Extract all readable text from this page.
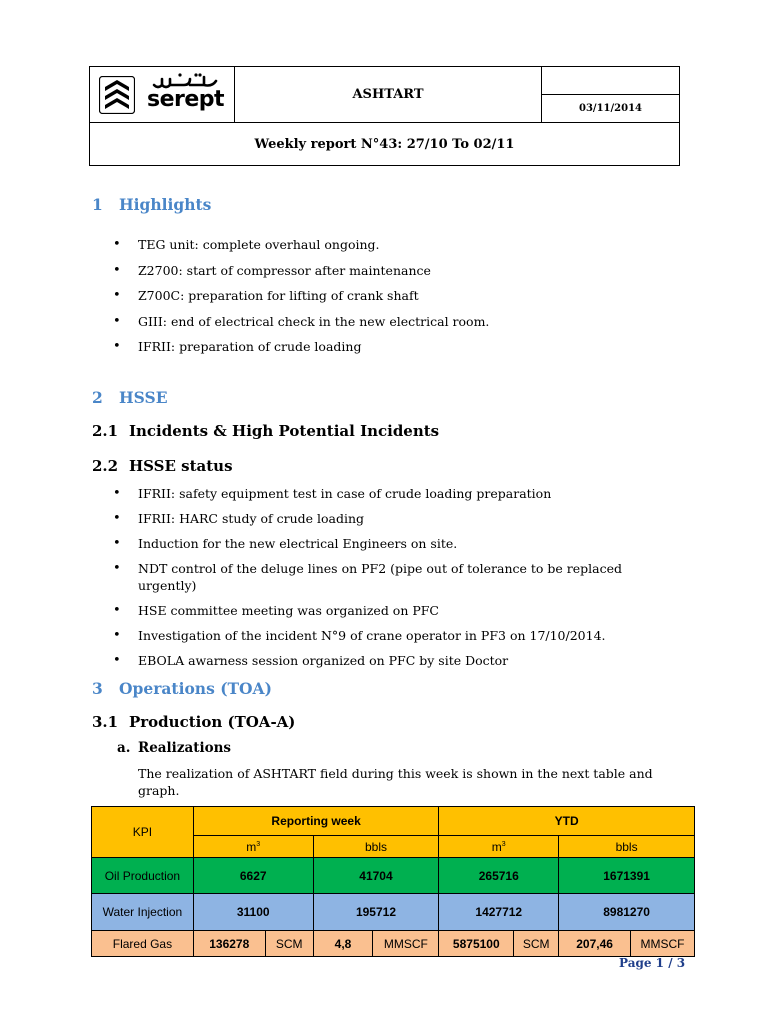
serept	ASHTART
03/11/2014
Weekly report N°43: 27/10 To 02/11
1 Highlights
• TEG unit: complete overhaul ongoing.
• Z2700: start of compressor after maintenance
• Z700C: preparation for lifting of crank shaft
• GIII: end of electrical check in the new electrical room.
• IFRII: preparation of crude loading
2 HSSE
2.1 Incidents & High Potential Incidents
2.2 HSSE status
• IFRII: safety equipment test in case of crude loading preparation
• IFRII: HARC study of crude loading
• Induction for the new electrical Engineers on site.
• NDT control of the deluge lines on PF2 (pipe out of tolerance to be replaced urgently)
• HSE committee meeting was organized on PFC
• Investigation of the incident N°9 of crane operator in PF3 on 17/10/2014.
• EBOLA awarness session organized on PFC by site Doctor
3 Operations (TOA)
3.1 Production (TOA-A)
a. Realizations
The realization of ASHTART field during this week is shown in the next table and graph.
KPI	Reporting week				YTD			
	$m^3$		bbls		$m^3$		bbls	
Oil Production	6627		41704		265716		1671391	
Water Injection	31100		195712		1427712		8981270	
Flared Gas	136278	SCM	4,8	MMSCF	5875100	SCM	207,46	MMSCF
Page 1 / 3
